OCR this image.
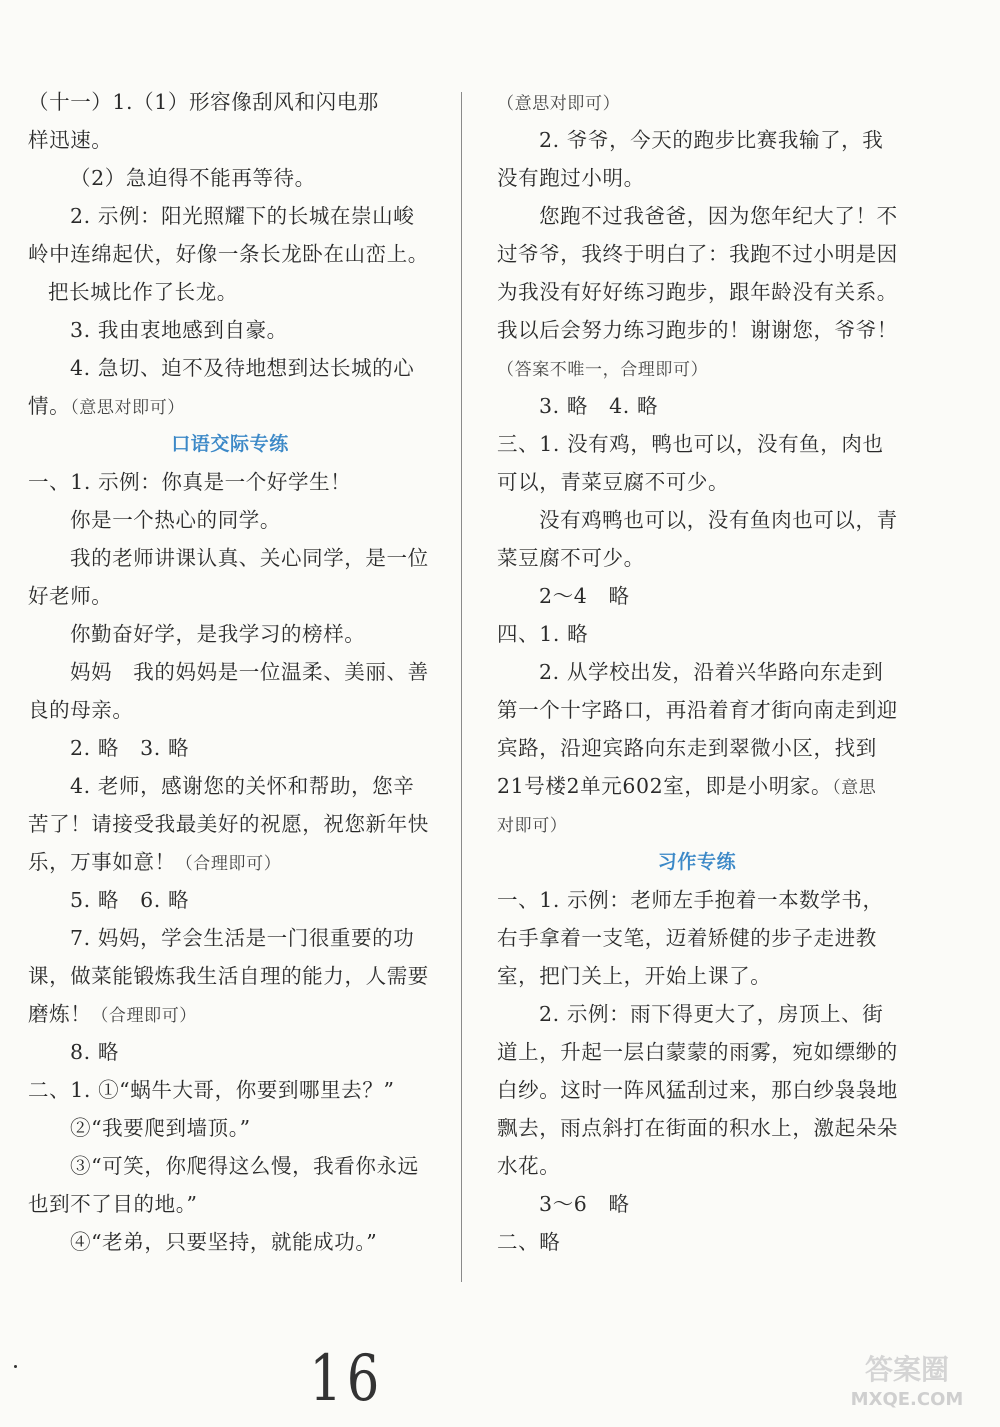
（十一）1.（1）形容像刮风和闪电那
样迅速。
（2）急迫得不能再等待。
2. 示例：阳光照耀下的长城在崇山峻
岭中连绵起伏，好像一条长龙卧在山峦上。
把长城比作了长龙。
3. 我由衷地感到自豪。
4. 急切、迫不及待地想到达长城的心
情。（意思对即可）
口语交际专练
一、1. 示例：你真是一个好学生！
你是一个热心的同学。
我的老师讲课认真、关心同学，是一位
好老师。
你勤奋好学，是我学习的榜样。
妈妈　我的妈妈是一位温柔、美丽、善
良的母亲。
2. 略　3. 略
4. 老师，感谢您的关怀和帮助，您辛
苦了！请接受我最美好的祝愿，祝您新年快
乐，万事如意！（合理即可）
5. 略　6. 略
7. 妈妈，学会生活是一门很重要的功
课，做菜能锻炼我生活自理的能力，人需要
磨炼！（合理即可）
8. 略
二、1. ①“蜗牛大哥，你要到哪里去？”
②“我要爬到墙顶。”
③“可笑，你爬得这么慢，我看你永远
也到不了目的地。”
④“老弟，只要坚持，就能成功。”
（意思对即可）
2. 爷爷，今天的跑步比赛我输了，我
没有跑过小明。
您跑不过我爸爸，因为您年纪大了！不
过爷爷，我终于明白了：我跑不过小明是因
为我没有好好练习跑步，跟年龄没有关系。
我以后会努力练习跑步的！谢谢您，爷爷！
（答案不唯一，合理即可）
3. 略　4. 略
三、1. 没有鸡，鸭也可以，没有鱼，肉也
可以，青菜豆腐不可少。
没有鸡鸭也可以，没有鱼肉也可以，青
菜豆腐不可少。
2～4　略
四、1. 略
2. 从学校出发，沿着兴华路向东走到
第一个十字路口，再沿着育才街向南走到迎
宾路，沿迎宾路向东走到翠微小区，找到
21号楼2单元602室，即是小明家。（意思
对即可）
习作专练
一、1. 示例：老师左手抱着一本数学书，
右手拿着一支笔，迈着矫健的步子走进教
室，把门关上，开始上课了。
2. 示例：雨下得更大了，房顶上、街
道上，升起一层白蒙蒙的雨雾，宛如缥缈的
白纱。这时一阵风猛刮过来，那白纱袅袅地
飘去，雨点斜打在街面的积水上，激起朵朵
水花。
3～6　略
二、略
16	答案圈
MXQE.COM
